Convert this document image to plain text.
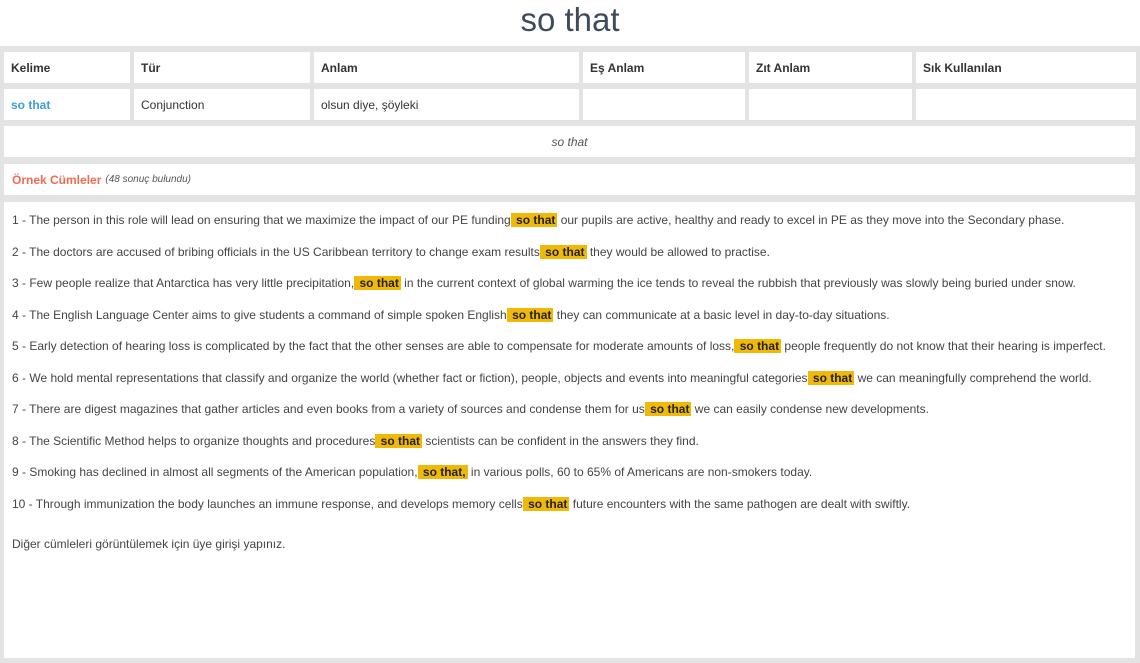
so that
Kelime	Tür	Anlam	Eş Anlam	Zıt Anlam	Sık Kullanılan
so that	Conjunction	olsun diye, şöyleki
so that
Örnek Cümleler (48 sonuç bulundu)

1 - The person in this role will lead on ensuring that we maximize the impact of our PE funding so that our pupils are active, healthy and ready to excel in PE as they move into the Secondary phase.

2 - The doctors are accused of bribing officials in the US Caribbean territory to change exam results so that they would be allowed to practise.

3 - Few people realize that Antarctica has very little precipitation, so that in the current context of global warming the ice tends to reveal the rubbish that previously was slowly being buried under snow.

4 - The English Language Center aims to give students a command of simple spoken English so that they can communicate at a basic level in day-to-day situations.

5 - Early detection of hearing loss is complicated by the fact that the other senses are able to compensate for moderate amounts of loss, so that people frequently do not know that their hearing is imperfect.

6 - We hold mental representations that classify and organize the world (whether fact or fiction), people, objects and events into meaningful categories so that we can meaningfully comprehend the world.

7 - There are digest magazines that gather articles and even books from a variety of sources and condense them for us so that we can easily condense new developments.

8 - The Scientific Method helps to organize thoughts and procedures so that scientists can be confident in the answers they find.

9 - Smoking has declined in almost all segments of the American population, so that, in various polls, 60 to 65% of Americans are non-smokers today.

10 - Through immunization the body launches an immune response, and develops memory cells so that future encounters with the same pathogen are dealt with swiftly.

Diğer cümleleri görüntülemek için üye girişi yapınız.
